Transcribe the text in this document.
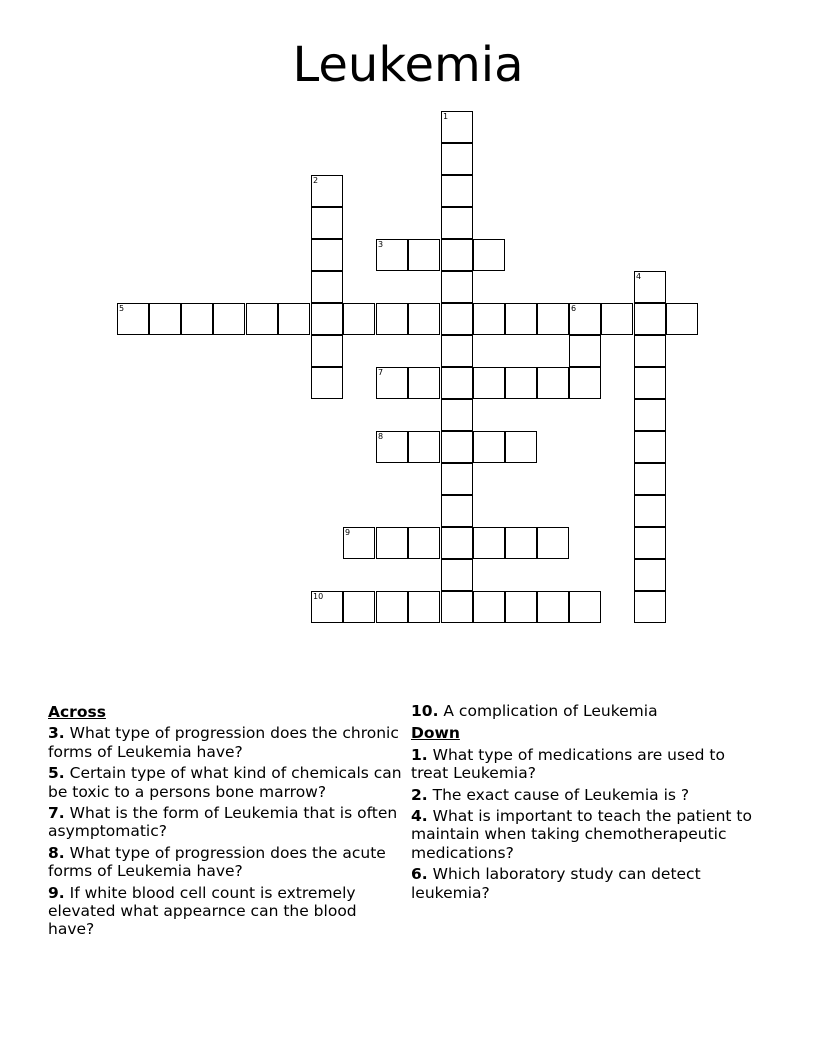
Leukemia
1
2
3
4
5	6
7
8
9
10
Across
3. What type of progression does the chronic forms of Leukemia have?
5. Certain type of what kind of chemicals can be toxic to a persons bone marrow?
7. What is the form of Leukemia that is often asymptomatic?
8. What type of progression does the acute forms of Leukemia have?
9. If white blood cell count is extremely elevated what appearnce can the blood have?
10. A complication of Leukemia
Down
1. What type of medications are used to treat Leukemia?
2. The exact cause of Leukemia is ?
4. What is important to teach the patient to maintain when taking chemotherapeutic medications?
6. Which laboratory study can detect leukemia?
